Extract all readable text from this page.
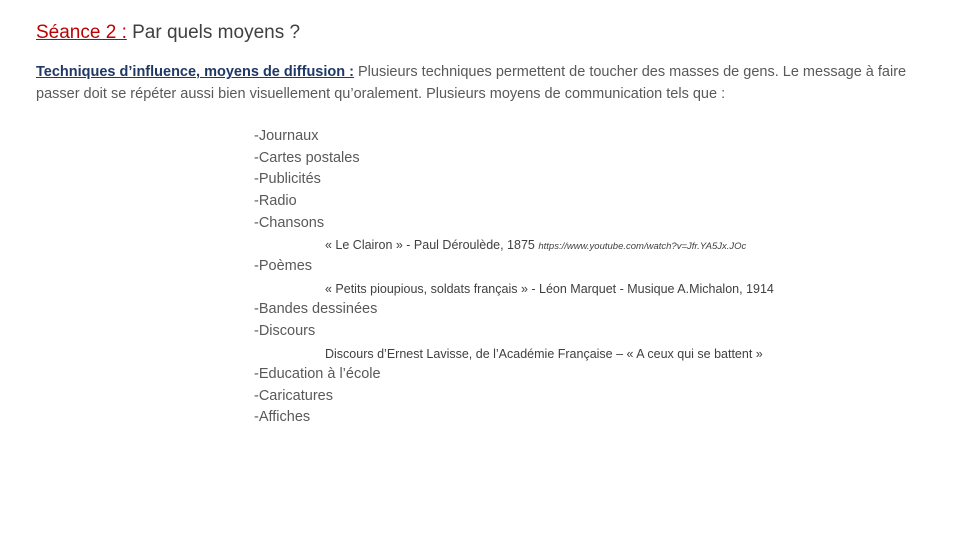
Séance 2 : Par quels moyens ?
Techniques d’influence, moyens de diffusion : Plusieurs techniques permettent de toucher des masses de gens. Le message à faire passer doit se répéter aussi bien visuellement qu’oralement. Plusieurs moyens de communication tels que :
-Journaux
-Cartes postales
-Publicités
-Radio
-Chansons
« Le Clairon » - Paul Déroulède, 1875 https://www.youtube.com/watch?v=Jfr.YA5Jx.JOc
-Poèmes
« Petits pioupious, soldats français » - Léon Marquet - Musique A.Michalon, 1914
-Bandes dessinées
-Discours
Discours d’Ernest Lavisse, de l’Académie Française – « A ceux qui se battent »
-Education à l’école
-Caricatures
-Affiches
